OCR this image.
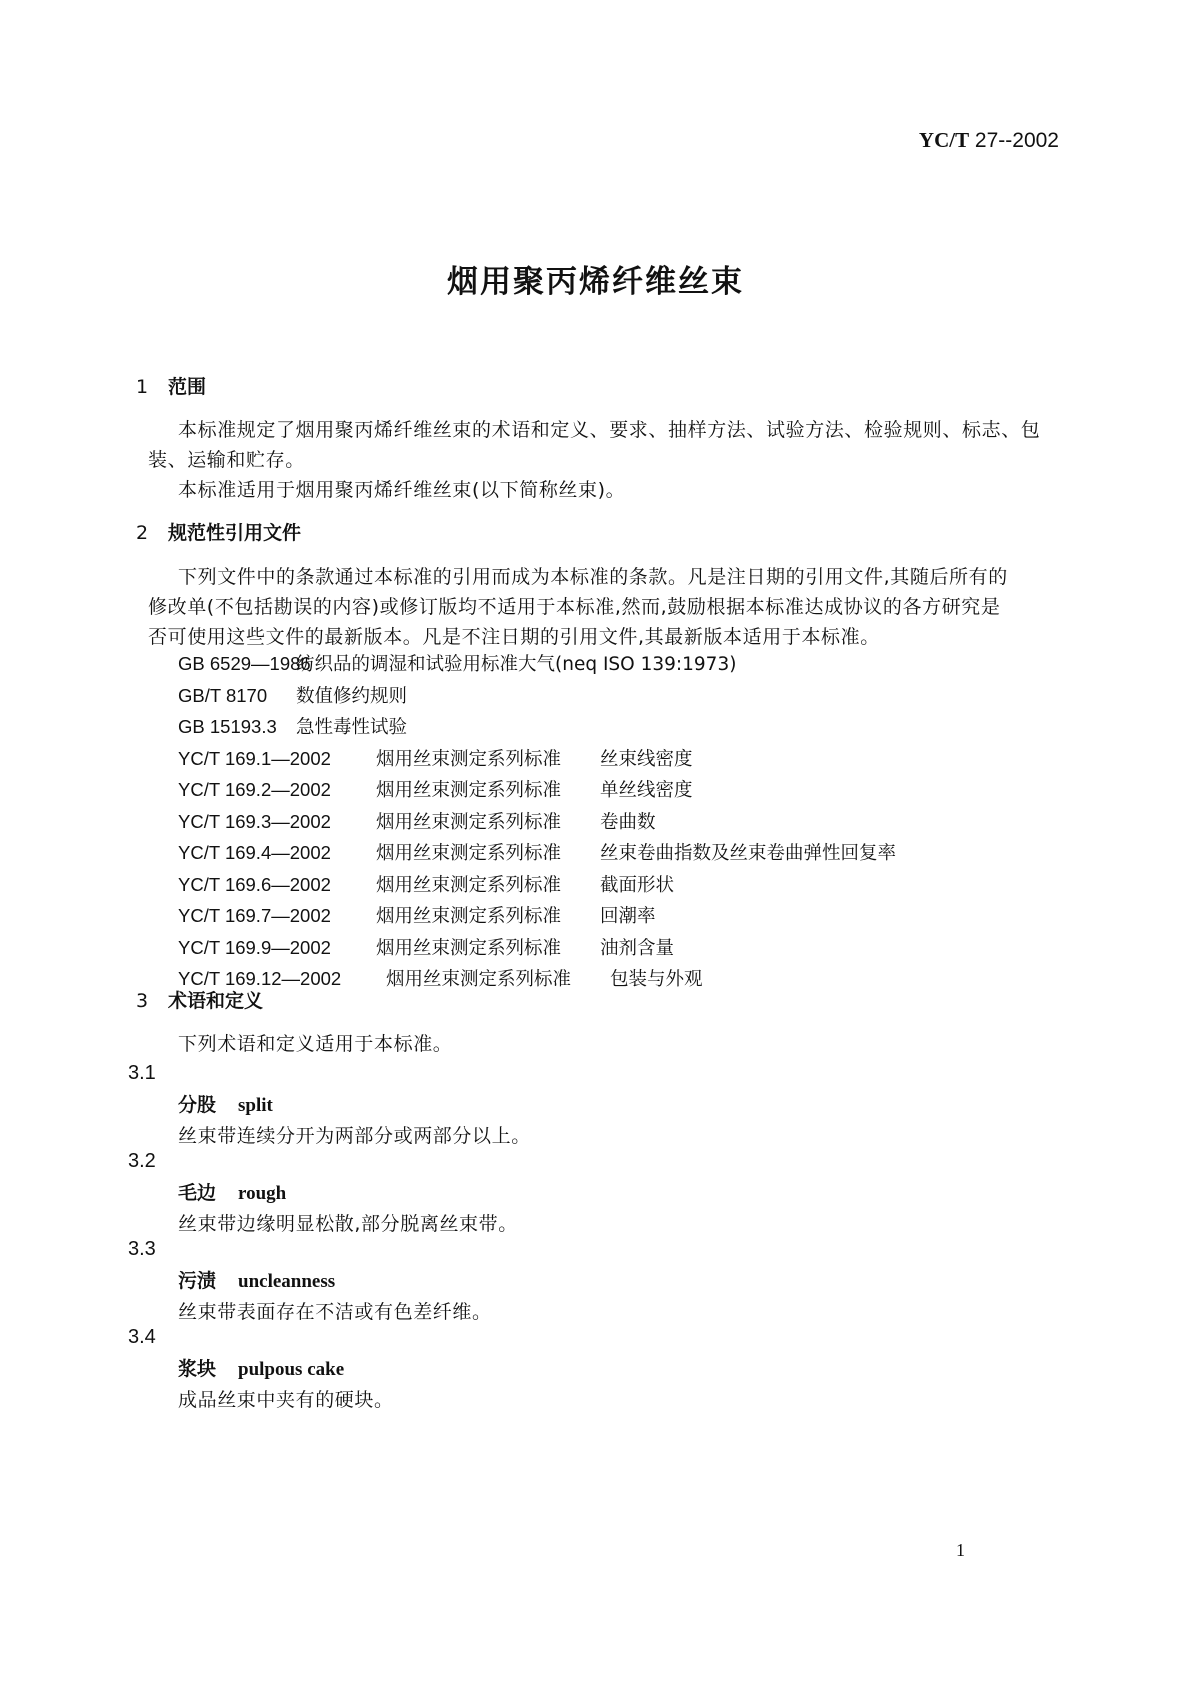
YC/T 27--2002
烟用聚丙烯纤维丝束
1 范围
本标准规定了烟用聚丙烯纤维丝束的术语和定义、要求、抽样方法、试验方法、检验规则、标志、包
装、运输和贮存。
本标准适用于烟用聚丙烯纤维丝束(以下简称丝束)。
2 规范性引用文件
下列文件中的条款通过本标准的引用而成为本标准的条款。凡是注日期的引用文件,其随后所有的
修改单(不包括勘误的内容)或修订版均不适用于本标准,然而,鼓励根据本标准达成协议的各方研究是
否可使用这些文件的最新版本。凡是不注日期的引用文件,其最新版本适用于本标准。
GB 6529—1986纺织品的调湿和试验用标准大气(neq ISO 139:1973)
GB/T 8170 数值修约规则
GB 15193.3 急性毒性试验
YC/T 169.1—2002 烟用丝束测定系列标准 丝束线密度
YC/T 169.2—2002 烟用丝束测定系列标准 单丝线密度
YC/T 169.3—2002 烟用丝束测定系列标准 卷曲数
YC/T 169.4—2002 烟用丝束测定系列标准 丝束卷曲指数及丝束卷曲弹性回复率
YC/T 169.6—2002 烟用丝束测定系列标准 截面形状
YC/T 169.7—2002 烟用丝束测定系列标准 回潮率
YC/T 169.9—2002 烟用丝束测定系列标准 油剂含量
YC/T 169.12—2002 烟用丝束测定系列标准 包装与外观
3 术语和定义
下列术语和定义适用于本标准。
3.1
分股 split
丝束带连续分开为两部分或两部分以上。
3.2
毛边 rough
丝束带边缘明显松散,部分脱离丝束带。
3.3
污渍 uncleanness
丝束带表面存在不洁或有色差纤维。
3.4
浆块 pulpous cake
成品丝束中夹有的硬块。
1
